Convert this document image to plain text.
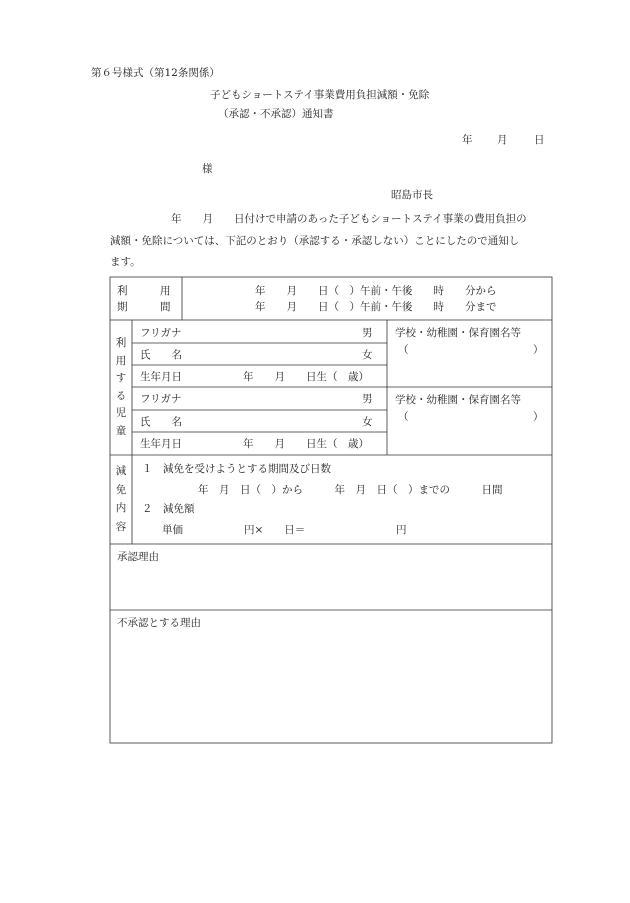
第６号様式（第12条関係）
子どもショートステイ事業費用負担減額・免除
（承認・不承認）通知書
年 月	日
様
昭島市長
年　　月　　日付けで申請のあった子どもショートステイ事業の費用負担の
減額・免除については、下記のとおり（承認する・承認しない）ことにしたので通知し
ます。
利	用
期	間
年　　月　　日（　）午前・午後　　時　　分から
年　　月　　日（　）午前・午後　　時　　分まで
利
用
す
る
児
童
フリガナ	男
氏　　名	女
生年月日	年　　月　　日生（　歳）
学校・幼稚園・保育園名等
（	）
フリガナ	男
氏　　名	女
生年月日	年　　月　　日生（　歳）
学校・幼稚園・保育園名等
（	）
減
免
内
容
１　減免を受けようとする期間及び日数
年　月　日（　）から　　　年　月　日（　）までの　　　日間
２　減免額
単価	円×　　日＝	円
承認理由
不承認とする理由
